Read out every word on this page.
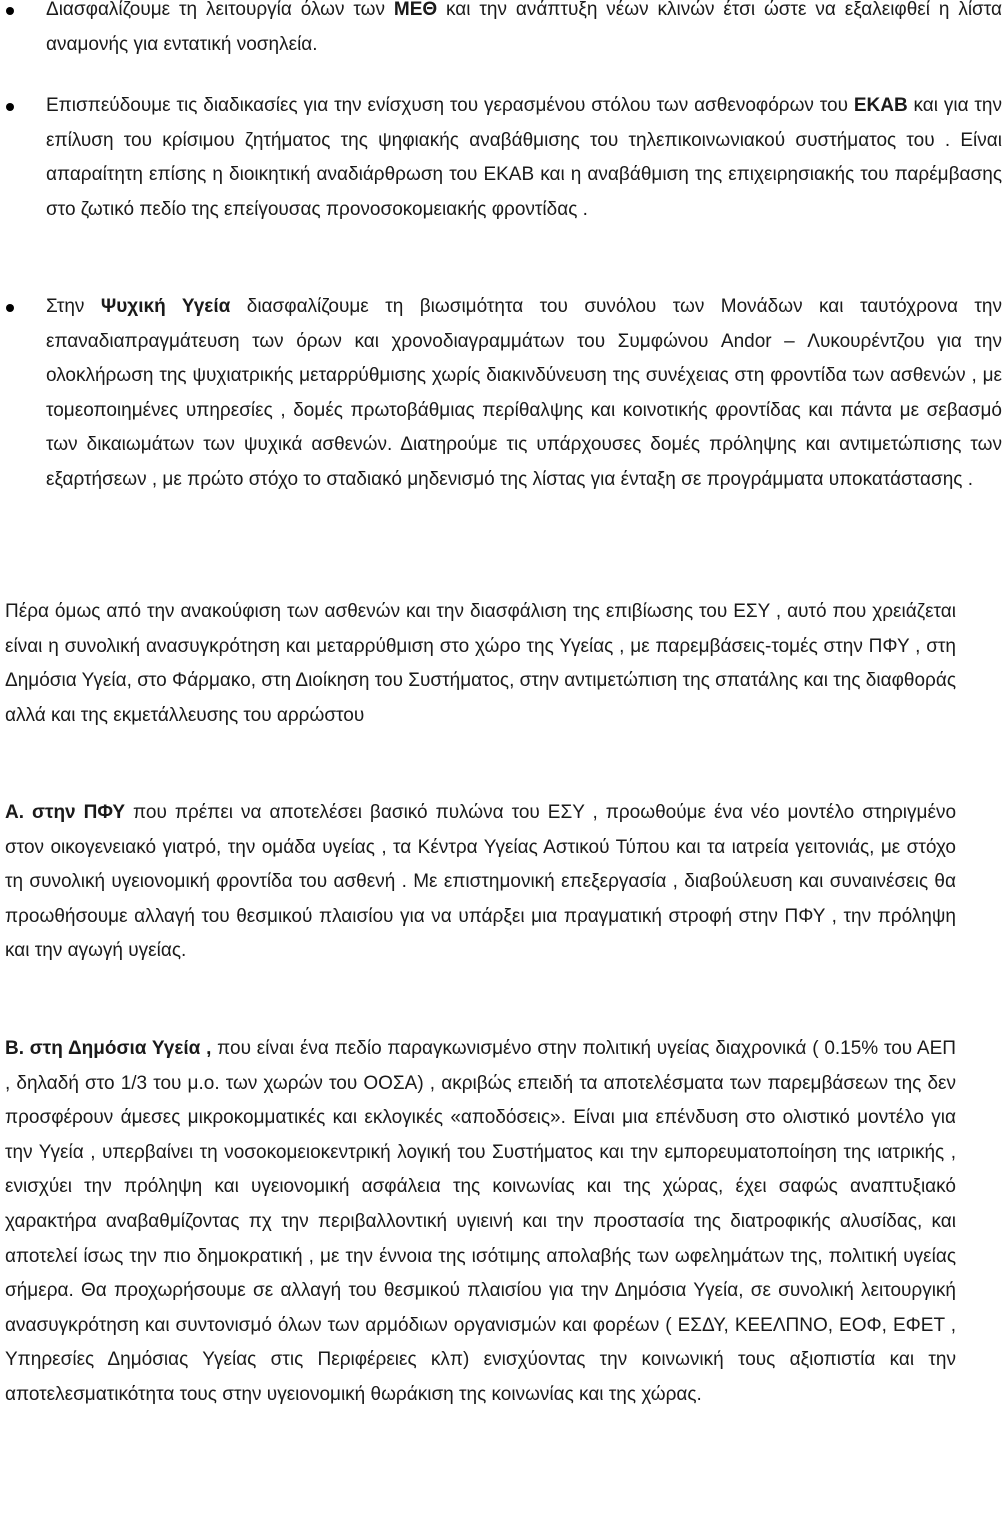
Διασφαλίζουμε τη λειτουργία όλων των ΜΕΘ και την ανάπτυξη νέων κλινών έτσι ώστε να εξαλειφθεί η λίστα αναμονής για εντατική νοσηλεία.

Επισπεύδουμε τις διαδικασίες για την ενίσχυση του γερασμένου στόλου των ασθενοφόρων του ΕΚΑΒ και για την επίλυση του κρίσιμου ζητήματος της ψηφιακής αναβάθμισης του τηλεπικοινωνιακού συστήματος του . Είναι απαραίτητη επίσης η διοικητική αναδιάρθρωση του ΕΚΑΒ και η αναβάθμιση της επιχειρησιακής του παρέμβασης στο ζωτικό πεδίο της επείγουσας προνοσοκομειακής φροντίδας .

Στην Ψυχική Υγεία διασφαλίζουμε τη βιωσιμότητα του συνόλου των Μονάδων και ταυτόχρονα την επαναδιαπραγμάτευση των όρων και χρονοδιαγραμμάτων του Συμφώνου Andor – Λυκουρέντζου για την ολοκλήρωση της ψυχιατρικής μεταρρύθμισης χωρίς διακινδύνευση της συνέχειας στη φροντίδα των ασθενών , με τομεοποιημένες υπηρεσίες , δομές πρωτοβάθμιας περίθαλψης και κοινοτικής φροντίδας και πάντα με σεβασμό των δικαιωμάτων των ψυχικά ασθενών. Διατηρούμε τις υπάρχουσες δομές πρόληψης και αντιμετώπισης των εξαρτήσεων , με πρώτο στόχο το σταδιακό μηδενισμό της λίστας για ένταξη σε προγράμματα υποκατάστασης .

Πέρα όμως από την ανακούφιση των ασθενών και την διασφάλιση της επιβίωσης του ΕΣΥ , αυτό που χρειάζεται είναι η συνολική ανασυγκρότηση και μεταρρύθμιση στο χώρο της Υγείας , με παρεμβάσεις-τομές στην ΠΦΥ , στη Δημόσια Υγεία, στο Φάρμακο, στη Διοίκηση του Συστήματος, στην αντιμετώπιση της σπατάλης και της διαφθοράς αλλά και της εκμετάλλευσης του αρρώστου

Α. στην ΠΦΥ που πρέπει να αποτελέσει βασικό πυλώνα του ΕΣΥ , προωθούμε ένα νέο μοντέλο στηριγμένο στον οικογενειακό γιατρό, την ομάδα υγείας , τα Κέντρα Υγείας Αστικού Τύπου και τα ιατρεία γειτονιάς, με στόχο τη συνολική υγειονομική φροντίδα του ασθενή . Με επιστημονική επεξεργασία , διαβούλευση και συναινέσεις θα προωθήσουμε αλλαγή του θεσμικού πλαισίου για να υπάρξει μια πραγματική στροφή στην ΠΦΥ , την πρόληψη και την αγωγή υγείας.

Β. στη Δημόσια Υγεία , που είναι ένα πεδίο παραγκωνισμένο στην πολιτική υγείας διαχρονικά ( 0.15% του ΑΕΠ , δηλαδή στο 1/3 του μ.ο. των χωρών του ΟΟΣΑ) , ακριβώς επειδή τα αποτελέσματα των παρεμβάσεων της δεν προσφέρουν άμεσες μικροκομματικές και εκλογικές «αποδόσεις». Είναι μια επένδυση στο ολιστικό μοντέλο για την Υγεία , υπερβαίνει τη νοσοκομειοκεντρική λογική του Συστήματος και την εμπορευματοποίηση της ιατρικής , ενισχύει την πρόληψη και υγειονομική ασφάλεια της κοινωνίας και της χώρας, έχει σαφώς αναπτυξιακό χαρακτήρα αναβαθμίζοντας πχ την περιβαλλοντική υγιεινή και την προστασία της διατροφικής αλυσίδας, και αποτελεί ίσως την πιο δημοκρατική , με την έννοια της ισότιμης απολαβής των ωφελημάτων της, πολιτική υγείας σήμερα. Θα προχωρήσουμε σε αλλαγή του θεσμικού πλαισίου για την Δημόσια Υγεία, σε συνολική λειτουργική ανασυγκρότηση και συντονισμό όλων των αρμόδιων οργανισμών και φορέων ( ΕΣΔΥ, ΚΕΕΛΠΝΟ, ΕΟΦ, ΕΦΕΤ , Υπηρεσίες Δημόσιας Υγείας στις Περιφέρειες κλπ) ενισχύοντας την κοινωνική τους αξιοπιστία και την αποτελεσματικότητα τους στην υγειονομική θωράκιση της κοινωνίας και της χώρας.
